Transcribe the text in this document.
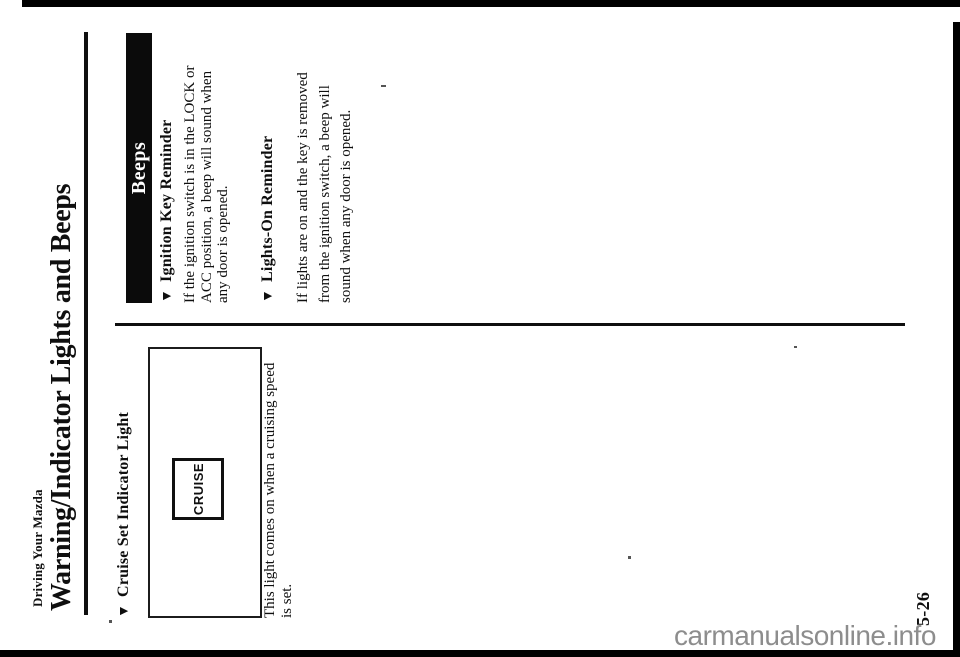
Driving Your Mazda Warning/Indicator Lights and Beeps	▼Cruise Set Indicator Light	CRUISE	This light comes on when a cruising speed is set.
Beeps
▼Ignition Key Reminder If the ignition switch is in the LOCK or ACC position, a beep will sound when any door is opened. ▼Lights-On Reminder If lights are on and the key is removed from the ignition switch, a beep will sound when any door is opened.
5-26
carmanualsonline.info
